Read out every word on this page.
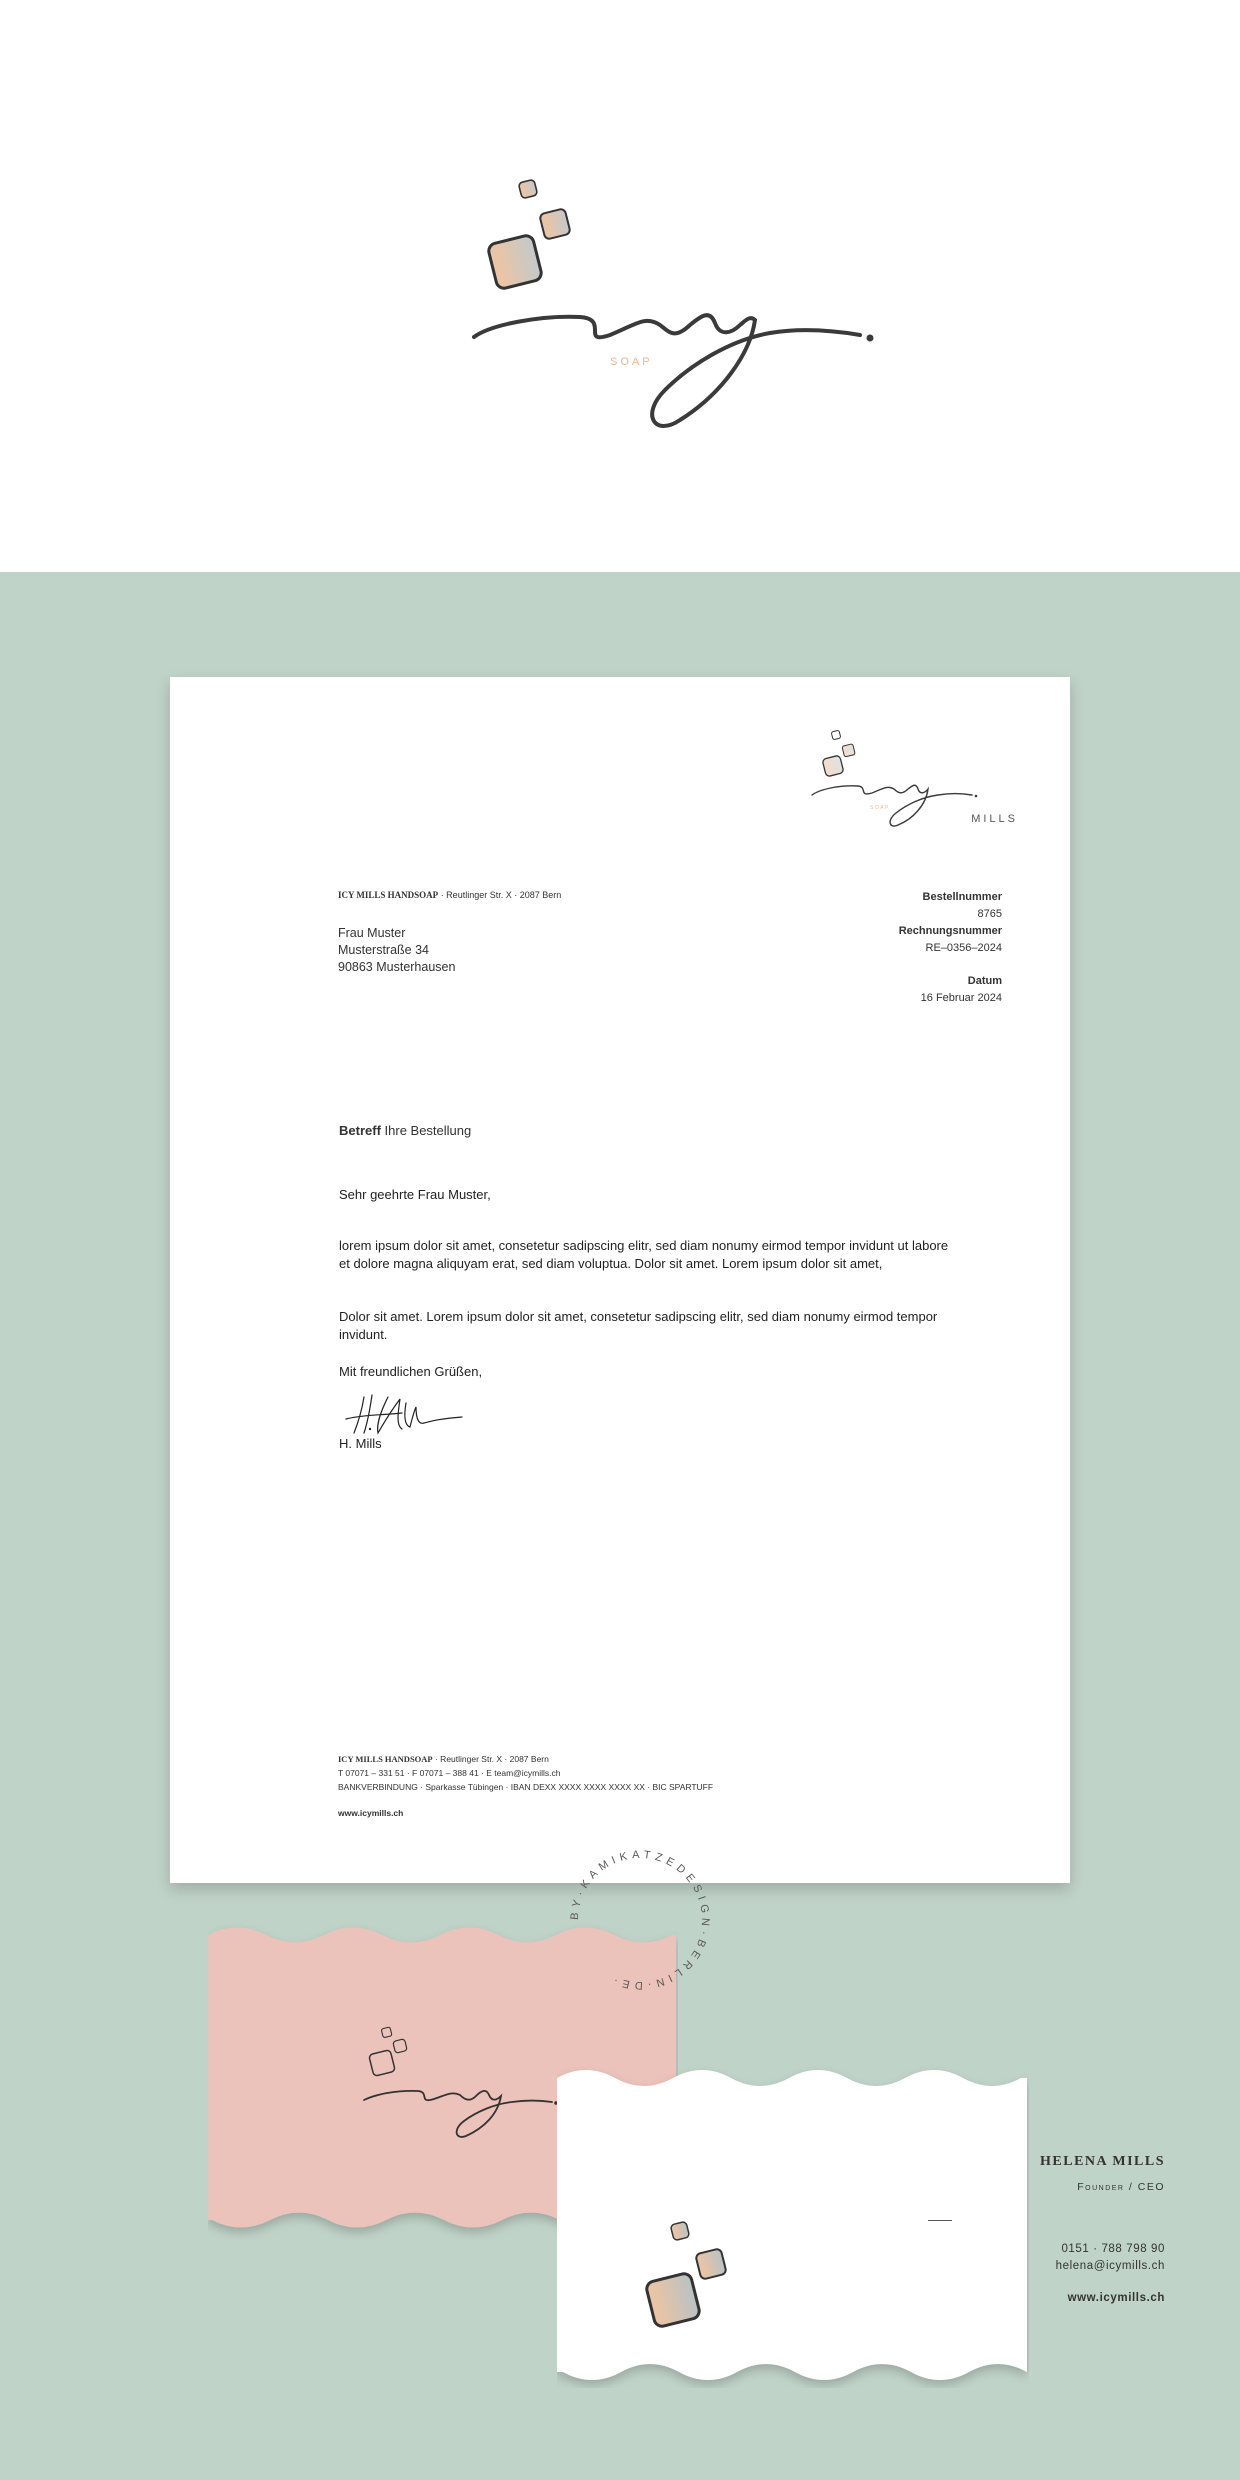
SOAP
SOAP
MILLS
ICY MILLS HANDSOAP · Reutlinger Str. X · 2087 Bern
Frau Muster
Musterstraße 34
90863 Musterhausen
Bestellnummer
8765
Rechnungsnummer
RE–0356–2024
Datum
16 Februar 2024
Betreff Ihre Bestellung
Sehr geehrte Frau Muster,

lorem ipsum dolor sit amet, consetetur sadipscing elitr, sed diam nonumy eirmod tempor invidunt ut labore et dolore magna aliquyam erat, sed diam voluptua. Dolor sit amet. Lorem ipsum dolor sit amet,

Dolor sit amet. Lorem ipsum dolor sit amet, consetetur sadipscing elitr, sed diam nonumy eirmod tempor invidunt.

Mit freundlichen Grüßen,
H. Mills
ICY MILLS HANDSOAP · Reutlinger Str. X · 2087 Bern
T 07071 – 331 51 · F 07071 – 388 41 · E team@icymills.ch
BANKVERBINDUNG · Sparkasse Tübingen · IBAN DEXX XXXX XXXX XXXX XX · BIC SPARTUFF
www.icymills.ch
HELENA MILLS
Founder / CEO
0151 · 788 798 90
helena@icymills.ch
www.icymills.ch
BY·KAMIKATZEDESIGN·BERLIN·DE·
